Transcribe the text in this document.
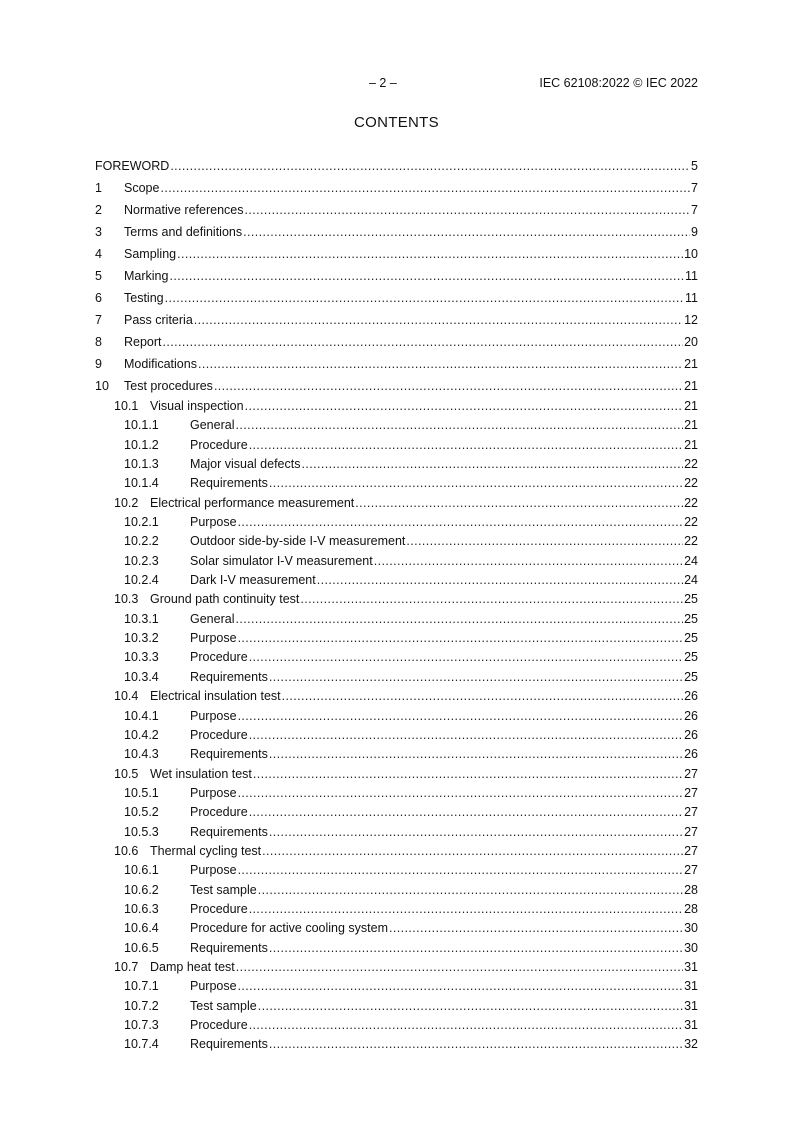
– 2 –	IEC 62108:2022 © IEC 2022
CONTENTS
FOREWORD .....	5
1	Scope .....	7
2	Normative references .....	7
3	Terms and definitions .....	9
4	Sampling .....	10
5	Marking .....	11
6	Testing .....	11
7	Pass criteria .....	12
8	Report .....	20
9	Modifications .....	21
10	Test procedures .....	21
10.1 Visual inspection .....	21
10.1.1	General .....	21
10.1.2	Procedure .....	21
10.1.3	Major visual defects .....	22
10.1.4	Requirements .....	22
10.2 Electrical performance measurement .....	22
10.2.1	Purpose .....	22
10.2.2	Outdoor side-by-side I-V measurement .....	22
10.2.3	Solar simulator I-V measurement .....	24
10.2.4	Dark I-V measurement .....	24
10.3 Ground path continuity test .....	25
10.3.1	General .....	25
10.3.2	Purpose .....	25
10.3.3	Procedure .....	25
10.3.4	Requirements .....	25
10.4 Electrical insulation test .....	26
10.4.1	Purpose .....	26
10.4.2	Procedure .....	26
10.4.3	Requirements .....	26
10.5 Wet insulation test .....	27
10.5.1	Purpose .....	27
10.5.2	Procedure .....	27
10.5.3	Requirements .....	27
10.6 Thermal cycling test .....	27
10.6.1	Purpose .....	27
10.6.2	Test sample .....	28
10.6.3	Procedure .....	28
10.6.4	Procedure for active cooling system .....	30
10.6.5	Requirements .....	30
10.7 Damp heat test .....	31
10.7.1	Purpose .....	31
10.7.2	Test sample .....	31
10.7.3	Procedure .....	31
10.7.4	Requirements .....	32
